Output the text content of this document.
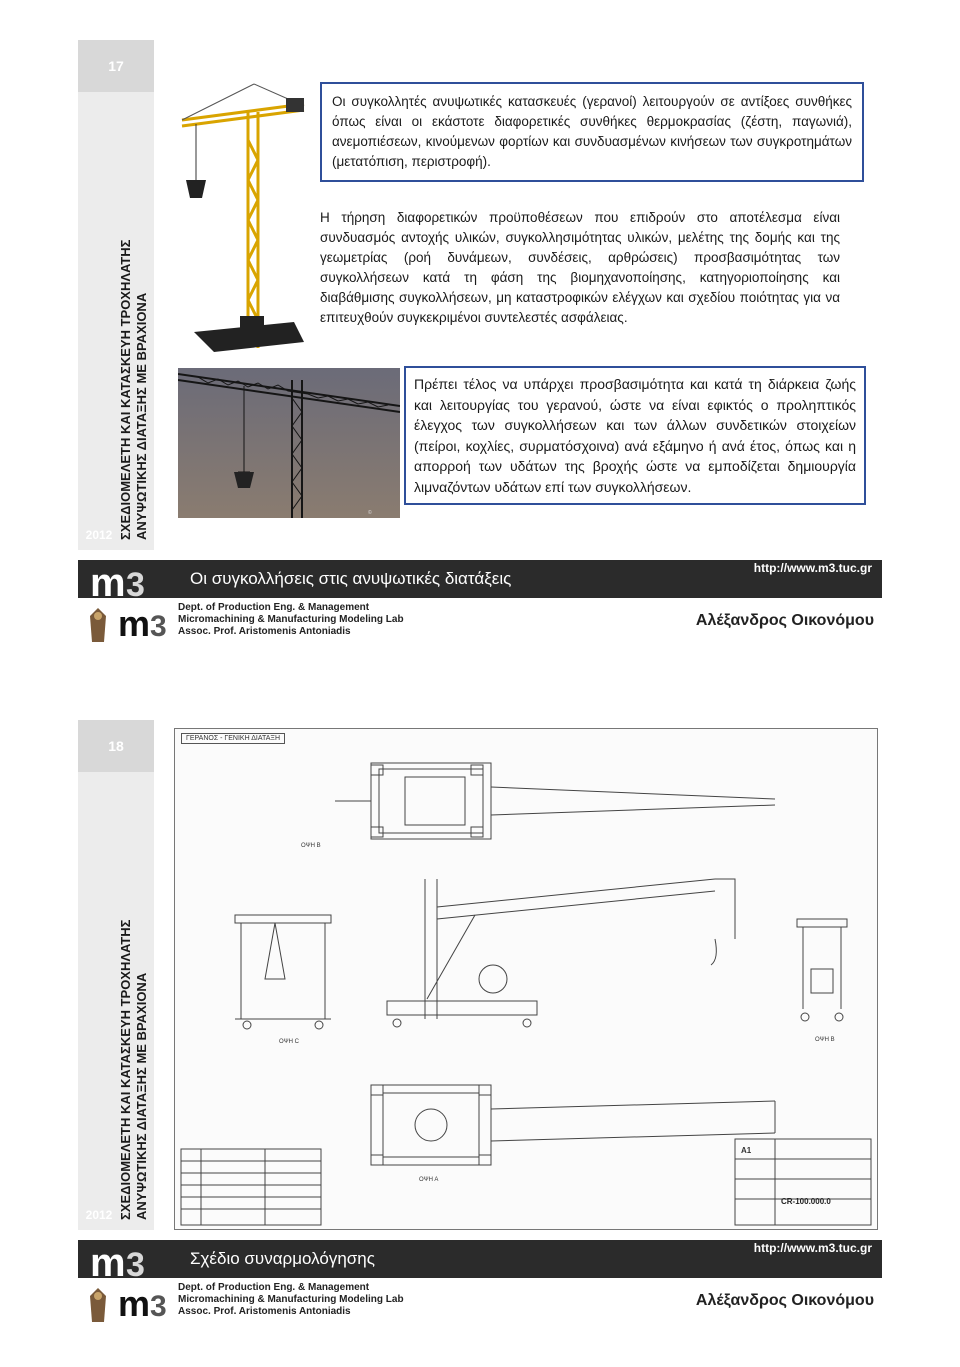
17
ΣΧΕΔΙΟΜΕΛΕΤΗ ΚΑΙ ΚΑΤΑΣΚΕΥΗ ΤΡΟΧΗΛΑΤΗΣ ΑΝΥΨΩΤΙΚΗΣ ΔΙΑΤΑΞΗΣ ΜΕ ΒΡΑΧΙΟΝΑ
2012
©
Οι συγκολλητές ανυψωτικές κατασκευές (γερανοί) λειτουργούν σε αντίξοες συνθήκες όπως είναι οι εκάστοτε διαφορετικές συνθήκες θερμοκρασίας (ζέστη, παγωνιά), ανεμοπιέσεων, κινούμενων φορτίων και συνδυασμένων κινήσεων των συγκροτημάτων (μετατόπιση, περιστροφή).
Η τήρηση διαφορετικών προϋποθέσεων που επιδρούν στο αποτέλεσμα είναι συνδυασμός αντοχής υλικών, συγκολλησιμότητας υλικών, μελέτης της δομής και της γεωμετρίας (ροή δυνάμεων, συνδέσεις, αρθρώσεις) προσβασιμότητας των συγκολλήσεων κατά τη φάση της βιομηχανοποίησης, κατηγοριοποίησης και διαβάθμισης συγκολλήσεων, μη καταστροφικών ελέγχων και σχεδίου ποιότητας για να επιτευχθούν συγκεκριμένοι συντελεστές ασφάλειας.
Πρέπει τέλος να υπάρχει προσβασιμότητα και κατά τη διάρκεια ζωής και λειτουργίας του γερανού, ώστε να είναι εφικτός ο προληπτικός έλεγχος των συγκολλήσεων και των άλλων συνδετικών στοιχείων (πείροι, κοχλίες, συρματόσχοινα) ανά εξάμηνο ή ανά έτος, όπως και η απορροή των υδάτων της βροχής ώστε να εμποδίζεται δημιουργία λιμναζόντων υδάτων επί των συγκολλήσεων.
m 3	Οι συγκολλήσεις στις ανυψωτικές διατάξεις
http://www.m3.tuc.gr
m 3
Dept. of Production Eng. & Management
Micromachining & Manufacturing Modeling Lab
Assoc. Prof. Aristomenis Antoniadis
Αλέξανδρος Οικονόμου
18
ΣΧΕΔΙΟΜΕΛΕΤΗ ΚΑΙ ΚΑΤΑΣΚΕΥΗ ΤΡΟΧΗΛΑΤΗΣ ΑΝΥΨΩΤΙΚΗΣ ΔΙΑΤΑΞΗΣ ΜΕ ΒΡΑΧΙΟΝΑ
2012
ΓΕΡΑΝΟΣ - ΓΕΝΙΚΗ ΔΙΑΤΑΞΗ
ΟΨΗ Β
ΟΨΗ C	ΟΨΗ Β
ΟΨΗ Α
A1
CR-100.000.0
m 3	Σχέδιο συναρμολόγησης
http://www.m3.tuc.gr
m 3
Dept. of Production Eng. & Management
Micromachining & Manufacturing Modeling Lab
Assoc. Prof. Aristomenis Antoniadis
Αλέξανδρος Οικονόμου
